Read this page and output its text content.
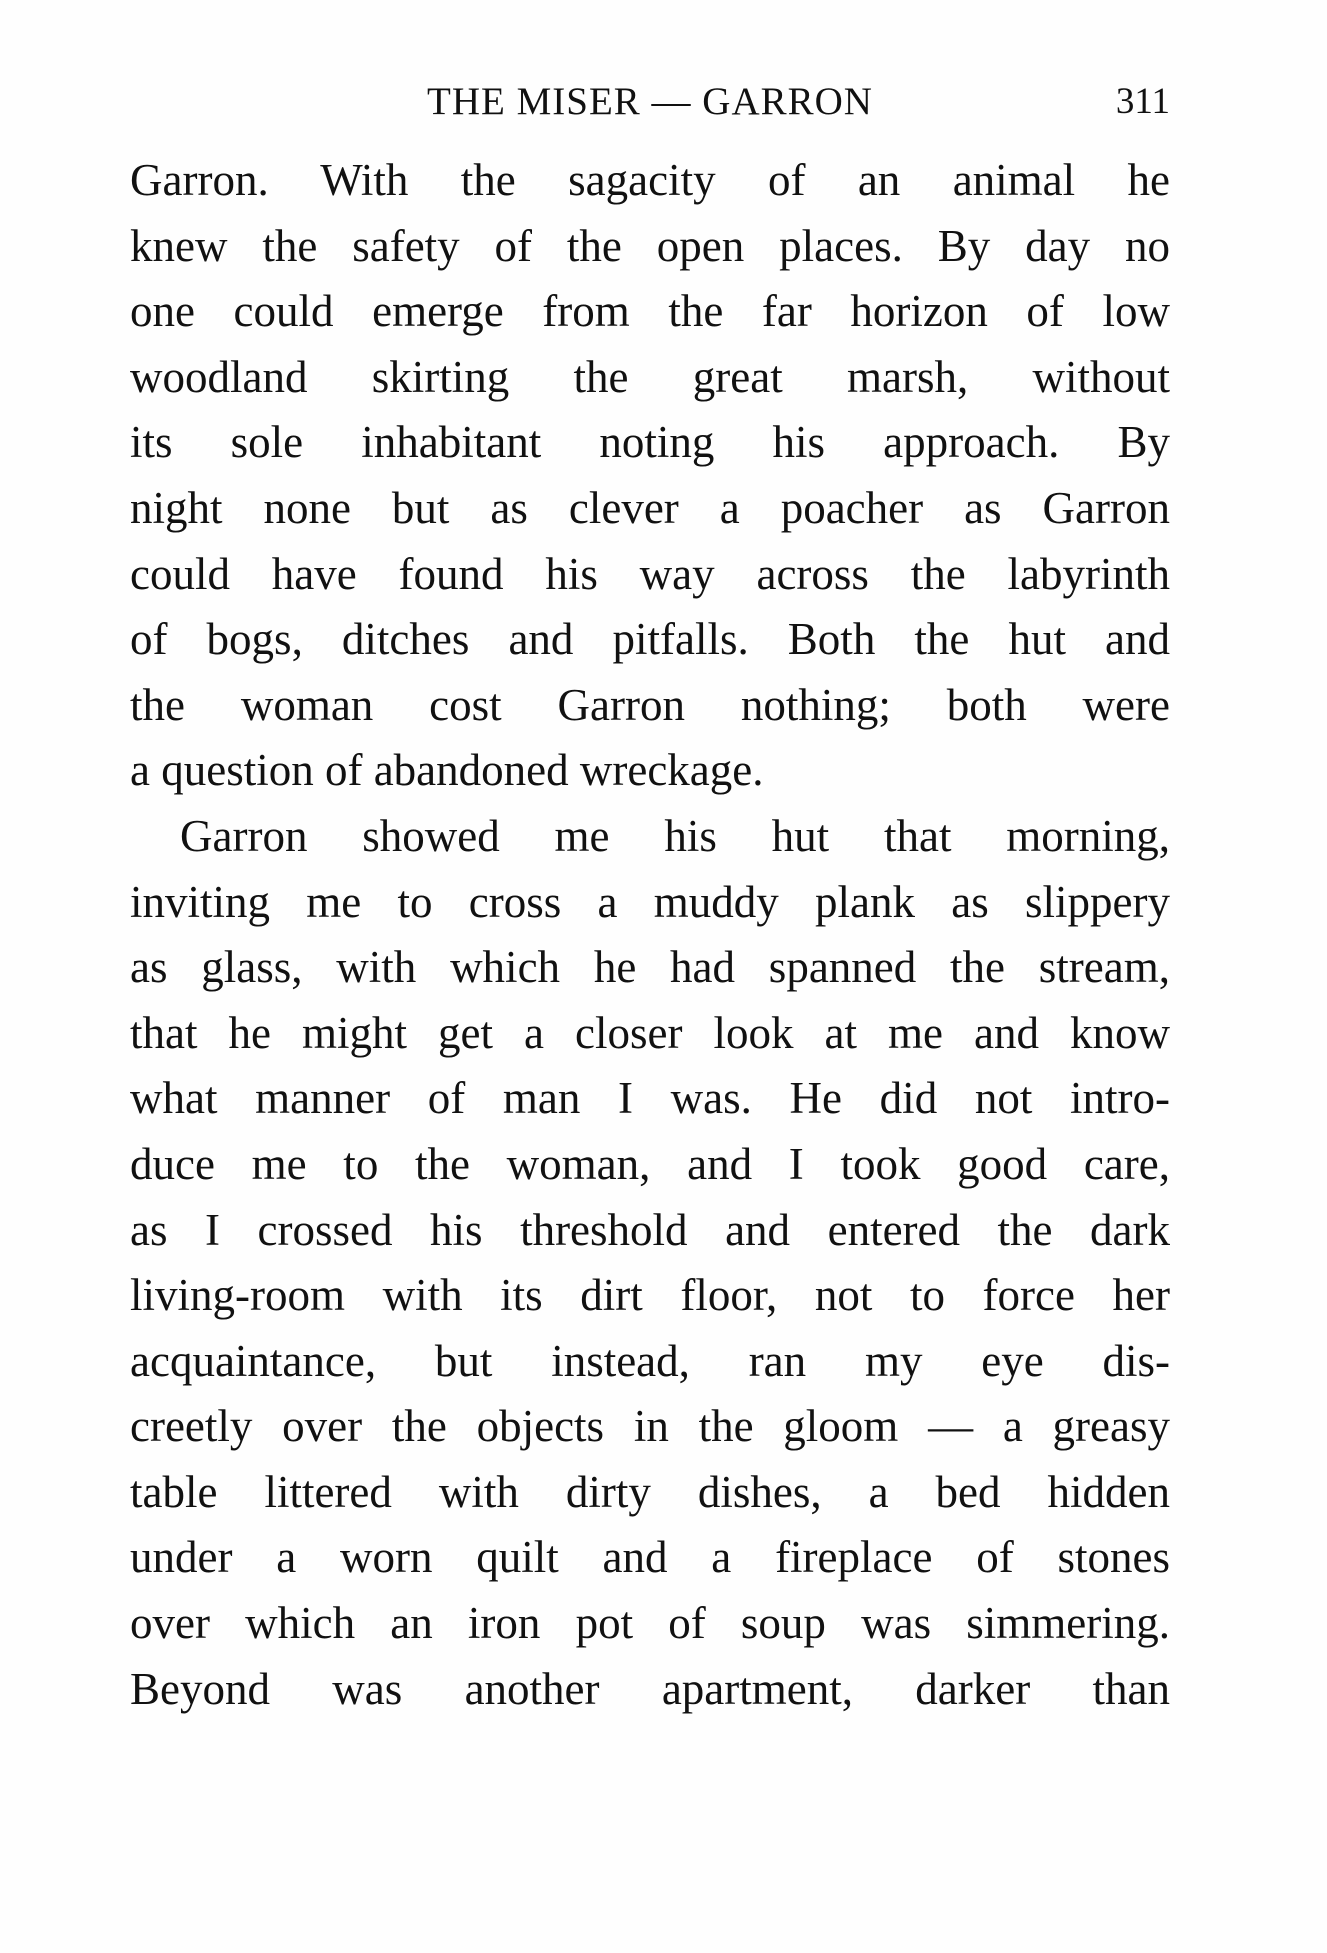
THE MISER — GARRON	311
Garron. With the sagacity of an animal he
knew the safety of the open places. By day no
one could emerge from the far horizon of low
woodland skirting the great marsh, without
its sole inhabitant noting his approach. By
night none but as clever a poacher as Garron
could have found his way across the labyrinth
of bogs, ditches and pitfalls. Both the hut and
the woman cost Garron nothing; both were
a question of abandoned wreckage.
Garron showed me his hut that morning,
inviting me to cross a muddy plank as slippery
as glass, with which he had spanned the stream,
that he might get a closer look at me and know
what manner of man I was. He did not intro-
duce me to the woman, and I took good care,
as I crossed his threshold and entered the dark
living-room with its dirt floor, not to force her
acquaintance, but instead, ran my eye dis-
creetly over the objects in the gloom — a greasy
table littered with dirty dishes, a bed hidden
under a worn quilt and a fireplace of stones
over which an iron pot of soup was simmering.
Beyond was another apartment, darker than
